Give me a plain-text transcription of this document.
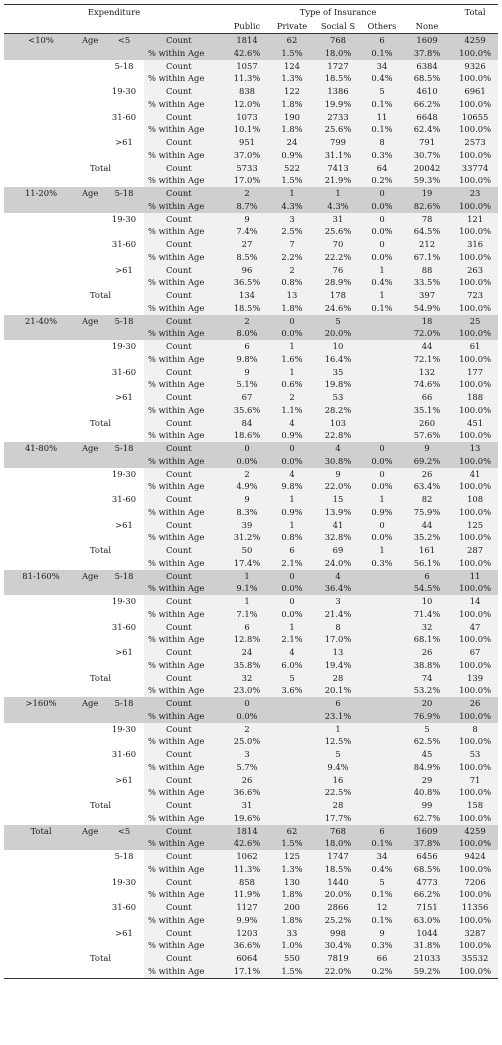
Expenditure				Type of Insurance					Total
				Public	Private	Social S	Others	None	
<10%	Age	<5	Count	1814	62	768	6	1609	4259
			% within Age	42.6%	1.5%	18.0%	0.1%	37.8%	100.0%
		5-18	Count	1057	124	1727	34	6384	9326
			% within Age	11.3%	1.3%	18.5%	0.4%	68.5%	100.0%
		19-30	Count	838	122	1386	5	4610	6961
			% within Age	12.0%	1.8%	19.9%	0.1%	66.2%	100.0%
		31-60	Count	1073	190	2733	11	6648	10655
			% within Age	10.1%	1.8%	25.6%	0.1%	62.4%	100.0%
		>61	Count	951	24	799	8	791	2573
			% within Age	37.0%	0.9%	31.1%	0.3%	30.7%	100.0%
	Total		Count	5733	522	7413	64	20042	33774
			% within Age	17.0%	1.5%	21.9%	0.2%	59.3%	100.0%
11-20%	Age	5-18	Count	2	1	1	0	19	23
			% within Age	8.7%	4.3%	4.3%	0.0%	82.6%	100.0%
		19-30	Count	9	3	31	0	78	121
			% within Age	7.4%	2.5%	25.6%	0.0%	64.5%	100.0%
		31-60	Count	27	7	70	0	212	316
			% within Age	8.5%	2.2%	22.2%	0.0%	67.1%	100.0%
		>61	Count	96	2	76	1	88	263
			% within Age	36.5%	0.8%	28.9%	0.4%	33.5%	100.0%
	Total		Count	134	13	178	1	397	723
			% within Age	18.5%	1.8%	24.6%	0.1%	54.9%	100.0%
21-40%	Age	5-18	Count	2	0	5		18	25
			% within Age	8.0%	0.0%	20.0%		72.0%	100.0%
		19-30	Count	6	1	10		44	61
			% within Age	9.8%	1.6%	16.4%		72.1%	100.0%
		31-60	Count	9	1	35		132	177
			% within Age	5.1%	0.6%	19.8%		74.6%	100.0%
		>61	Count	67	2	53		66	188
			% within Age	35.6%	1.1%	28.2%		35.1%	100.0%
	Total		Count	84	4	103		260	451
			% within Age	18.6%	0.9%	22.8%		57.6%	100.0%
41-80%	Age	5-18	Count	0	0	4	0	9	13
			% within Age	0.0%	0.0%	30.8%	0.0%	69.2%	100.0%
		19-30	Count	2	4	9	0	26	41
			% within Age	4.9%	9.8%	22.0%	0.0%	63.4%	100.0%
		31-60	Count	9	1	15	1	82	108
			% within Age	8.3%	0.9%	13.9%	0.9%	75.9%	100.0%
		>61	Count	39	1	41	0	44	125
			% within Age	31.2%	0.8%	32.8%	0.0%	35.2%	100.0%
	Total		Count	50	6	69	1	161	287
			% within Age	17.4%	2.1%	24.0%	0.3%	56.1%	100.0%
81-160%	Age	5-18	Count	1	0	4		6	11
			% within Age	9.1%	0.0%	36.4%		54.5%	100.0%
		19-30	Count	1	0	3		10	14
			% within Age	7.1%	0.0%	21.4%		71.4%	100.0%
		31-60	Count	6	1	8		32	47
			% within Age	12.8%	2.1%	17.0%		68.1%	100.0%
		>61	Count	24	4	13		26	67
			% within Age	35.8%	6.0%	19.4%		38.8%	100.0%
	Total		Count	32	5	28		74	139
			% within Age	23.0%	3.6%	20.1%		53.2%	100.0%
>160%	Age	5-18	Count	0		6		20	26
			% within Age	0.0%		23.1%		76.9%	100.0%
		19-30	Count	2		1		5	8
			% within Age	25.0%		12.5%		62.5%	100.0%
		31-60	Count	3		5		45	53
			% within Age	5.7%		9.4%		84.9%	100.0%
		>61	Count	26		16		29	71
			% within Age	36.6%		22.5%		40.8%	100.0%
	Total		Count	31		28		99	158
			% within Age	19.6%		17.7%		62.7%	100.0%
Total	Age	<5	Count	1814	62	768	6	1609	4259
			% within Age	42.6%	1.5%	18.0%	0.1%	37.8%	100.0%
		5-18	Count	1062	125	1747	34	6456	9424
			% within Age	11.3%	1.3%	18.5%	0.4%	68.5%	100.0%
		19-30	Count	858	130	1440	5	4773	7206
			% within Age	11.9%	1.8%	20.0%	0.1%	66.2%	100.0%
		31-60	Count	1127	200	2866	12	7151	11356
			% within Age	9.9%	1.8%	25.2%	0.1%	63.0%	100.0%
		>61	Count	1203	33	998	9	1044	3287
			% within Age	36.6%	1.0%	30.4%	0.3%	31.8%	100.0%
	Total		Count	6064	550	7819	66	21033	35532
			% within Age	17.1%	1.5%	22.0%	0.2%	59.2%	100.0%
